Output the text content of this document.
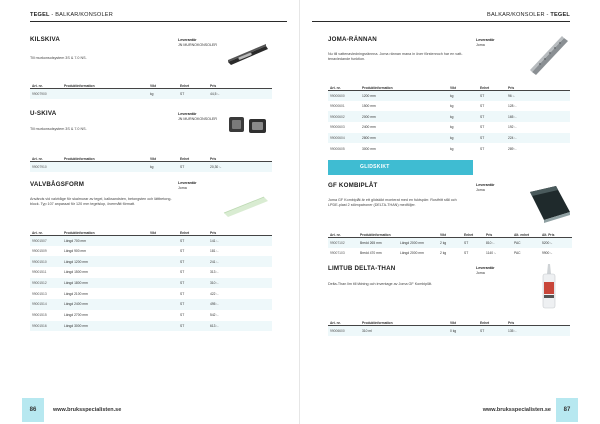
TEGEL - BALKAR/KONSOLER
KILSKIVA
Till murkonsolsystem 3S & 7.0 NS.
Leverantör
JN MURNOKONSOLER
Art. nr.	Produktinformation	Vikt	Enhet	Pris
99007900		kg	ST	44,5 :-
U-SKIVA
Till murkonsolsystem 3S & 7.0 NS.
Leverantör
JN MURNOKONSOLER
Art. nr.	Produktinformation	Vikt	Enhet	Pris
99007910		kg	ST	20,30 :-
VALVBÅGSFORM
Används vid valvbåge för skalmurar av tegel, kalksandsten, betongsten och lättbetong-
block. Typ 107 anpassat för 120 mm tegelslop, övermått förmatt.
Leverantör
Joma
Art. nr.	Produktinformation	Vikt	Enhet	Pris
99001507	Längd 700 mm		ST	141 :-
99001509	Längd 900 mm		ST	181 :-
99001510	Längd 1200 mm		ST	241 :-
99001511	Längd 1500 mm		ST	313 :-
99001512	Längd 1800 mm		ST	310 :-
99001513	Längd 2100 mm		ST	422 :-
99001514	Längd 2400 mm		ST	495 :-
99001515	Längd 2700 mm		ST	542 :-
99001516	Längd 3000 mm		ST	613 :-
86	www.bruksspecialisten.se
BALKAR/KONSOLER - TEGEL
JOMA-RÄNNAN
Nu till vattenavledningsrännna. Joma rännan mana in över förstenroch har en vatt-
tenavledande funktion.
Leverantör
Joma
Art. nr.	Produktinformation	Vikt	Enhet	Pris
99000600	1200 mm	kg	ST	96 :-
99000601	1500 mm	kg	ST	128 :-
99000602	2000 mm	kg	ST	165 :-
99000603	2400 mm	kg	ST	192 :-
99000604	2800 mm	kg	ST	224 :-
99000605	3000 mm	kg	ST	289 :-
GF KOMBIPLÅT
Joma GF Kombiplåt är ett glidskikt monterat med en fuktspärr. Rostfritt stål och
LPDE-plast 2 stömpatroner (DELTA-THAN) medföljer.
Leverantör
Joma
Art. nr.	Produktinformation		Vikt	Enhet	Pris	Alt. enhet	Alt. Pris
99007102	Bredd 265 mm	Längd 2000 mm	2 kg	ST	810 :-	PAC	5200 :-
99007103	Bredd 470 mm	Längd 2000 mm	2 kg	ST	1140 :-	PAC	9900 :-
LIMTUB DELTA-THAN
Delta-Than lim till tätning och inventage av Joma GF Kombiplåt.
Leverantör
Joma
Art. nr.	Produktinformation	Vikt	Enhet	Pris
99006600	310 ml	0 kg	ST	135 :-
87
www.bruksspecialisten.se
GLIDSKIKT
